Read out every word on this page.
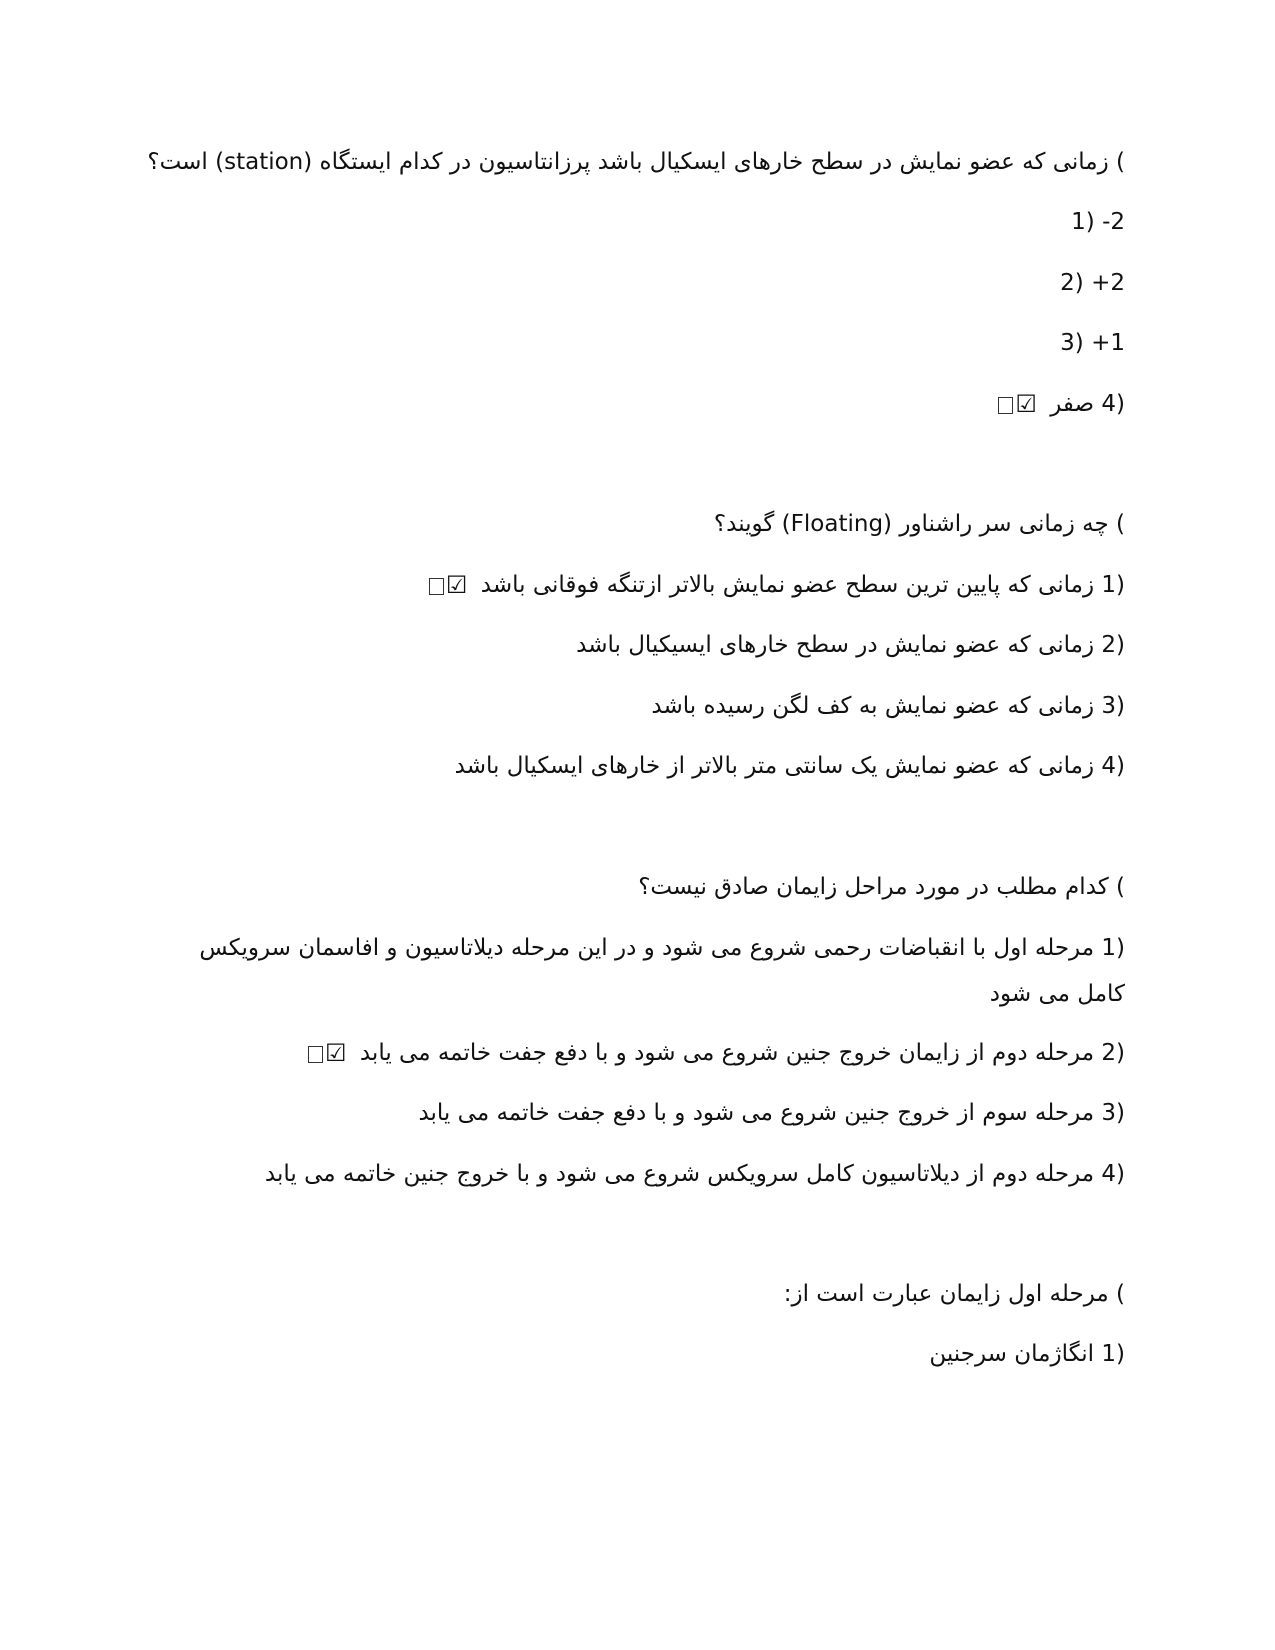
) زمانی که عضو نمایش در سطح خارهای ایسکیال باشد پرزانتاسیون در کدام ایستگاه (station) است؟
1) -2
2) +2
3) +1
4) صفر ☑
) چه زمانی سر راشناور (Floating) گویند؟
1) زمانی که پایین ترین سطح عضو نمایش بالاتر ازتنگه فوقانی باشد ☑
2) زمانی که عضو نمایش در سطح خارهای ایسیکیال باشد
3) زمانی که عضو نمایش به کف لگن رسیده باشد
4) زمانی که عضو نمایش یک سانتی متر بالاتر از خارهای ایسکیال باشد
) کدام مطلب در مورد مراحل زایمان صادق نیست؟
1) مرحله اول با انقباضات رحمی شروع می شود و در این مرحله دیلاتاسیون و افاسمان سرویکس کامل می شود
2) مرحله دوم از زایمان خروج جنین شروع می شود و با دفع جفت خاتمه می یابد ☑
3) مرحله سوم از خروج جنین شروع می شود و با دفع جفت خاتمه می یابد
4) مرحله دوم از دیلاتاسیون کامل سرویکس شروع می شود و با خروج جنین خاتمه می یابد
) مرحله اول زایمان عبارت است از:
1) انگاژمان سرجنین
